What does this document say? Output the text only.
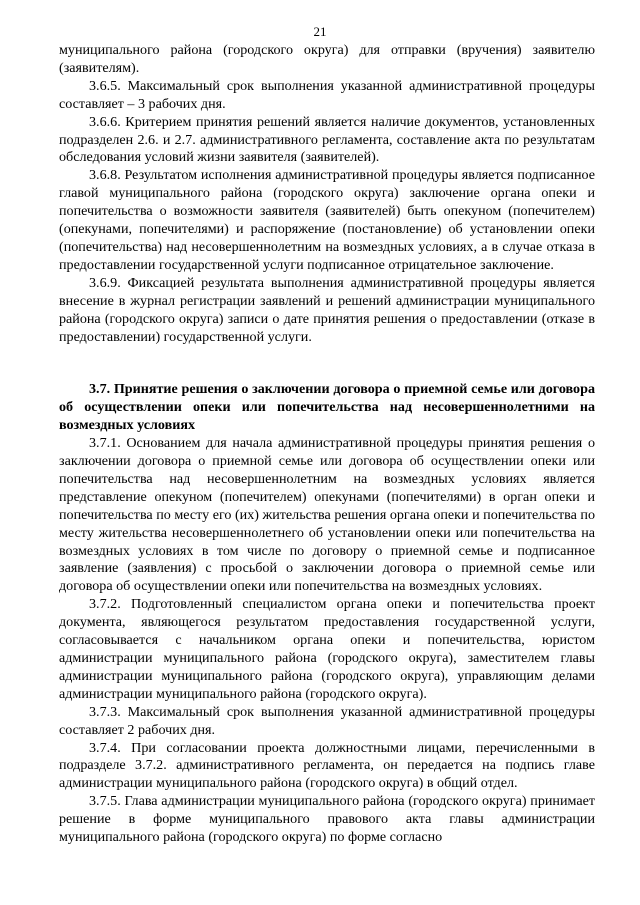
21

муниципального района (городского округа) для отправки (вручения) заявителю (заявителям).

3.6.5. Максимальный срок выполнения указанной административной процедуры составляет – 3 рабочих дня.

3.6.6. Критерием принятия решений является наличие документов, установленных подразделен 2.6. и 2.7. административного регламента, составление акта по результатам обследования условий жизни заявителя (заявителей).

3.6.8. Результатом исполнения административной процедуры является подписанное главой муниципального района (городского округа) заключение органа опеки и попечительства о возможности заявителя (заявителей) быть опекуном (попечителем) (опекунами, попечителями) и распоряжение (постановление) об установлении опеки (попечительства) над несовершеннолетним на возмездных условиях, а в случае отказа в предоставлении государственной услуги подписанное отрицательное заключение.

3.6.9. Фиксацией результата выполнения административной процедуры является внесение в журнал регистрации заявлений и решений администрации муниципального района (городского округа) записи о дате принятия решения о предоставлении (отказе в предоставлении) государственной услуги.

3.7. Принятие решения о заключении договора о приемной семье или договора об осуществлении опеки или попечительства над несовершеннолетними на возмездных условиях

3.7.1. Основанием для начала административной процедуры принятия решения о заключении договора о приемной семье или договора об осуществлении опеки или попечительства над несовершеннолетним на возмездных условиях является представление опекуном (попечителем) опекунами (попечителями) в орган опеки и попечительства по месту его (их) жительства решения органа опеки и попечительства по месту жительства несовершеннолетнего об установлении опеки или попечительства на возмездных условиях в том числе по договору о приемной семье и подписанное заявление (заявления) с просьбой о заключении договора о приемной семье или договора об осуществлении опеки или попечительства на возмездных условиях.

3.7.2. Подготовленный специалистом органа опеки и попечительства проект документа, являющегося результатом предоставления государственной услуги, согласовывается с начальником органа опеки и попечительства, юристом администрации муниципального района (городского округа), заместителем главы администрации муниципального района (городского округа), управляющим делами администрации муниципального района (городского округа).

3.7.3. Максимальный срок выполнения указанной административной процедуры составляет 2 рабочих дня.

3.7.4. При согласовании проекта должностными лицами, перечисленными в подразделе 3.7.2. административного регламента, он передается на подпись главе администрации муниципального района (городского округа) в общий отдел.

3.7.5. Глава администрации муниципального района (городского округа) принимает решение в форме муниципального правового акта главы администрации муниципального района (городского округа) по форме согласно
